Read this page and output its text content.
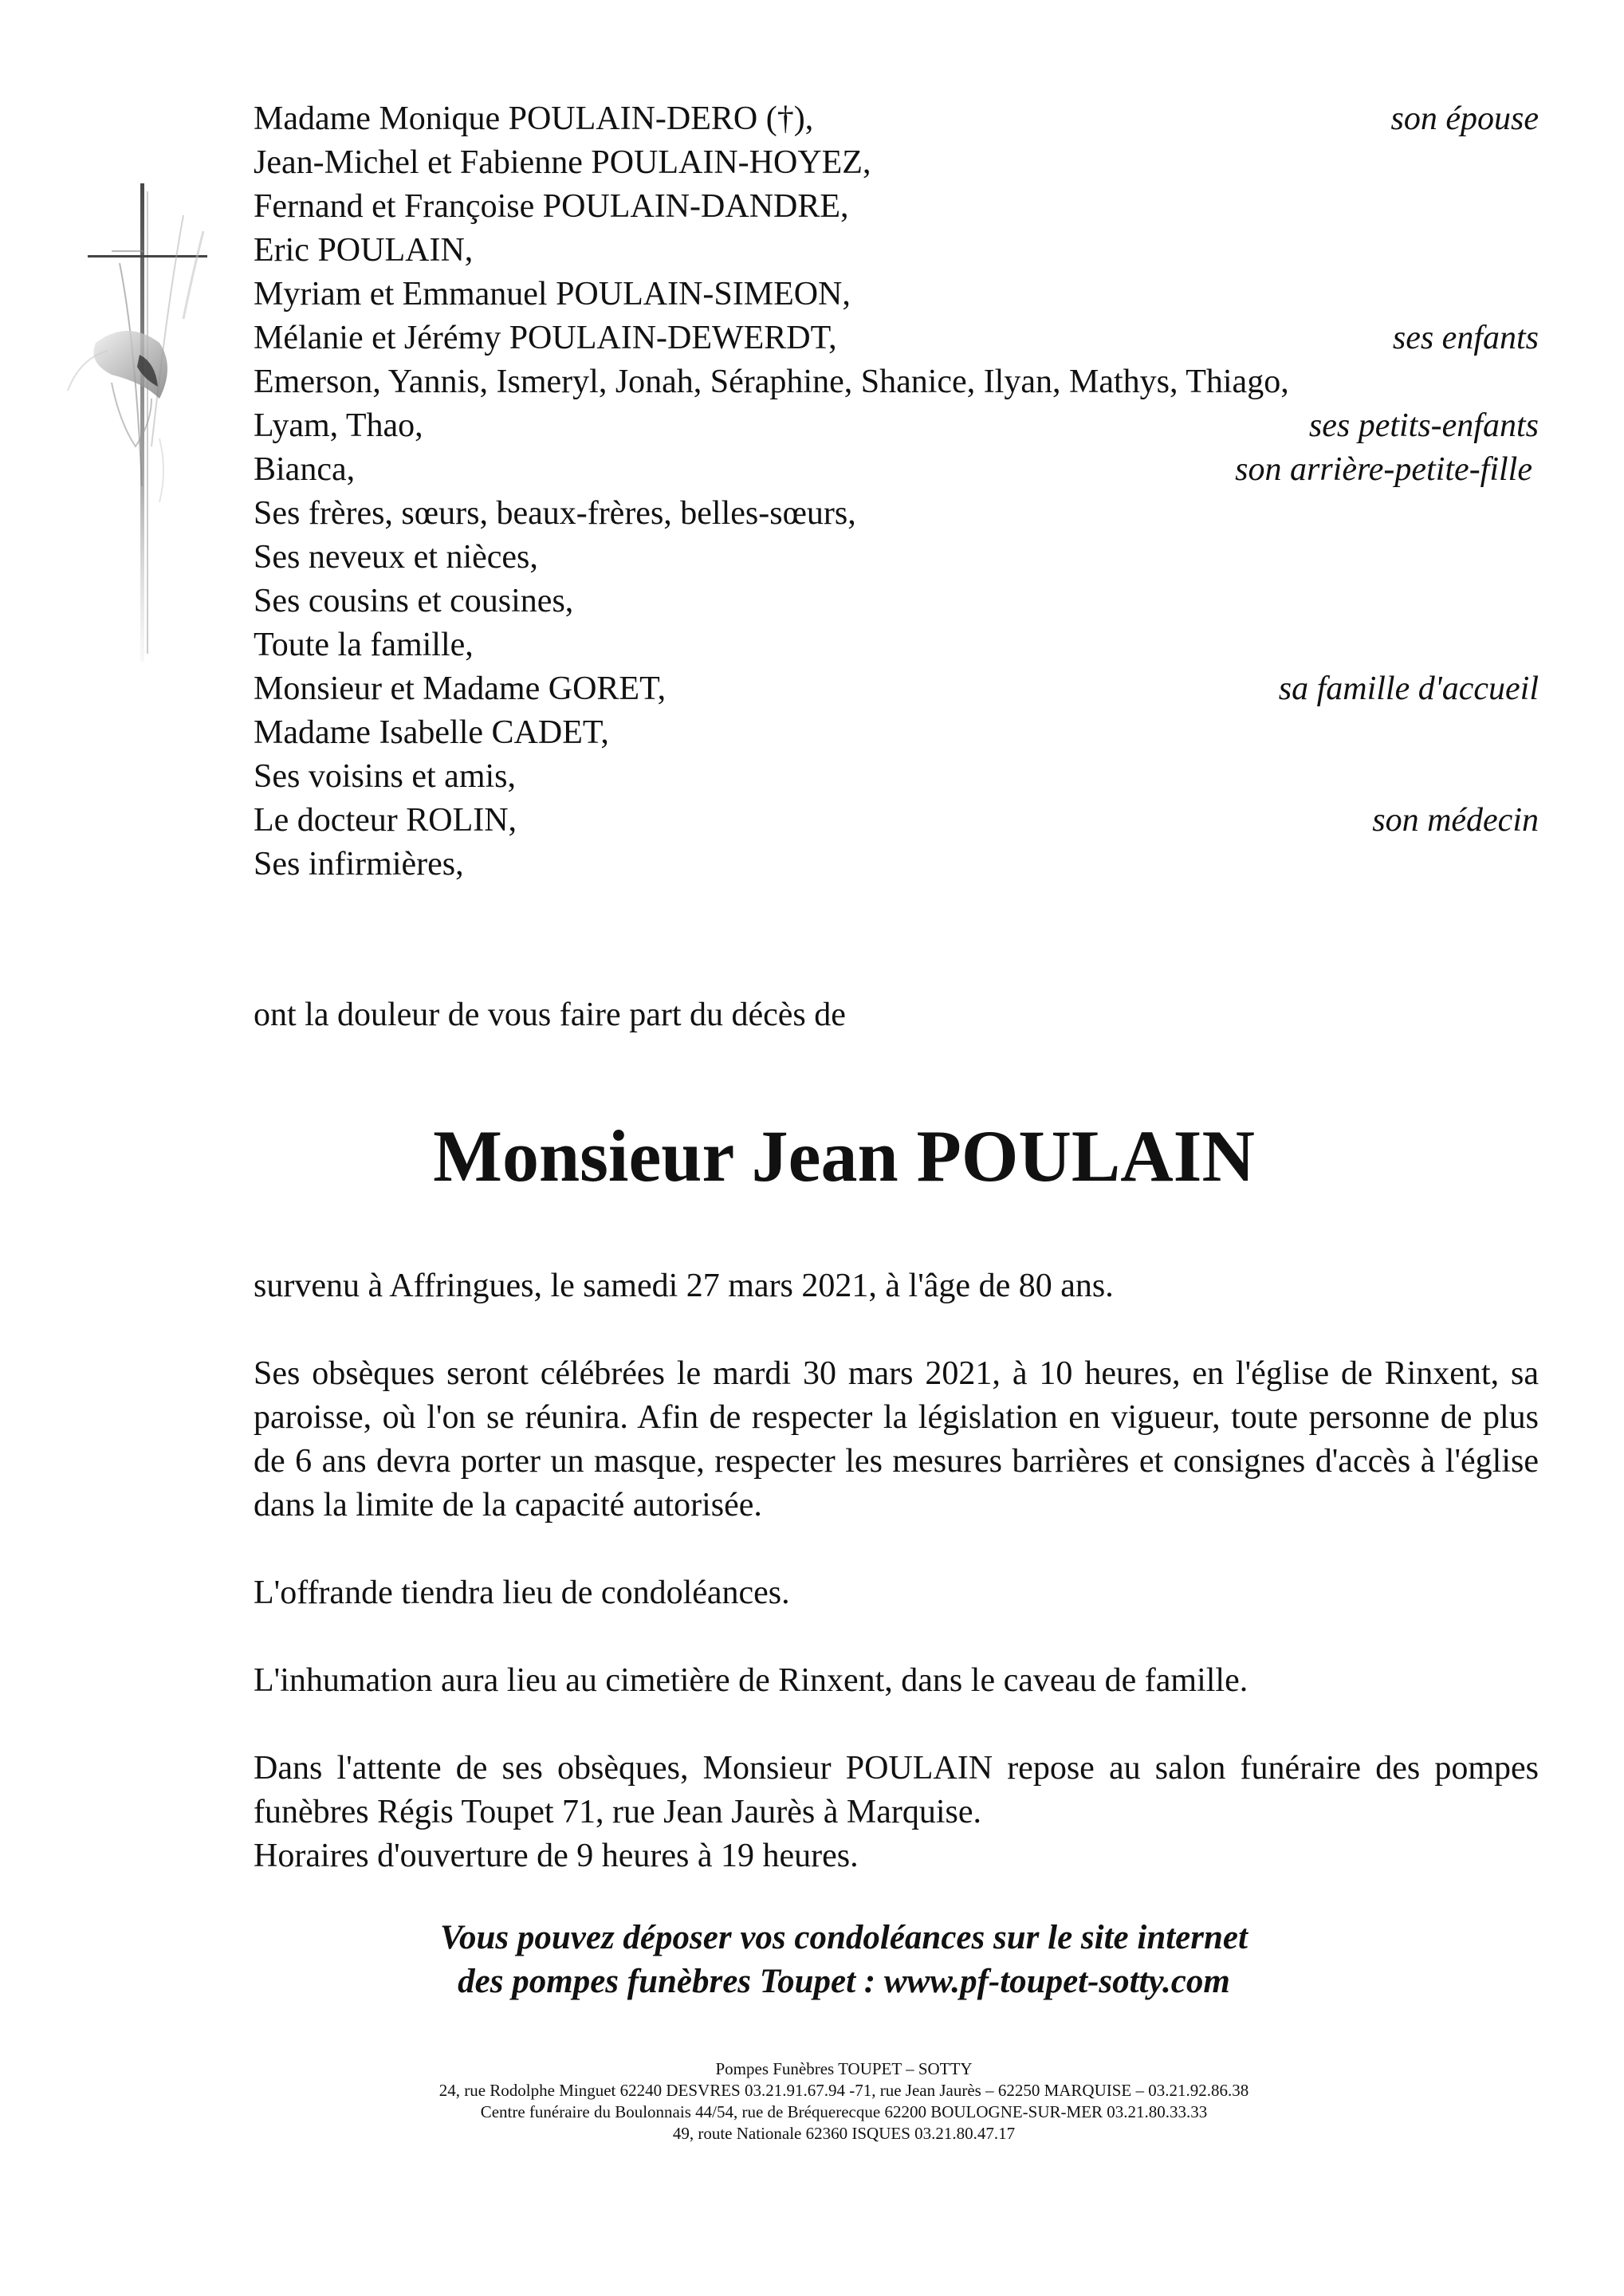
Madame Monique POULAIN-DERO (†),	son épouse
Jean-Michel et Fabienne POULAIN-HOYEZ,
Fernand et Françoise POULAIN-DANDRE,
Eric POULAIN,
Myriam et Emmanuel POULAIN-SIMEON,
Mélanie et Jérémy POULAIN-DEWERDT,	ses enfants
Emerson, Yannis, Ismeryl, Jonah, Séraphine, Shanice, Ilyan, Mathys, Thiago,
Lyam, Thao,	ses petits-enfants
Bianca,	son arrière-petite-fille
Ses frères, sœurs, beaux-frères, belles-sœurs,
Ses neveux et nièces,
Ses cousins et cousines,
Toute la famille,
Monsieur et Madame GORET,	sa famille d'accueil
Madame Isabelle CADET,
Ses voisins et amis,
Le docteur ROLIN,	son médecin
Ses infirmières,
ont la douleur de vous faire part du décès de
Monsieur Jean POULAIN
survenu à Affringues, le samedi 27 mars 2021, à l'âge de 80 ans.
Ses obsèques seront célébrées le mardi 30 mars 2021, à 10 heures, en l'église de Rinxent, sa paroisse, où l'on se réunira. Afin de respecter la législation en vigueur, toute personne de plus de 6 ans devra porter un masque, respecter les mesures barrières et consignes d'accès à l'église dans la limite de la capacité autorisée.
L'offrande tiendra lieu de condoléances.
L'inhumation aura lieu au cimetière de Rinxent, dans le caveau de famille.
Dans l'attente de ses obsèques, Monsieur POULAIN repose au salon funéraire des pompes funèbres Régis Toupet 71, rue Jean Jaurès à Marquise.
Horaires d'ouverture de 9 heures à 19 heures.
Vous pouvez déposer vos condoléances sur le site internet
des pompes funèbres Toupet : www.pf-toupet-sotty.com
Pompes Funèbres TOUPET – SOTTY
24, rue Rodolphe Minguet 62240 DESVRES 03.21.91.67.94 -71, rue Jean Jaurès – 62250 MARQUISE – 03.21.92.86.38
Centre funéraire du Boulonnais 44/54, rue de Bréquerecque 62200 BOULOGNE-SUR-MER 03.21.80.33.33
49, route Nationale 62360 ISQUES 03.21.80.47.17
